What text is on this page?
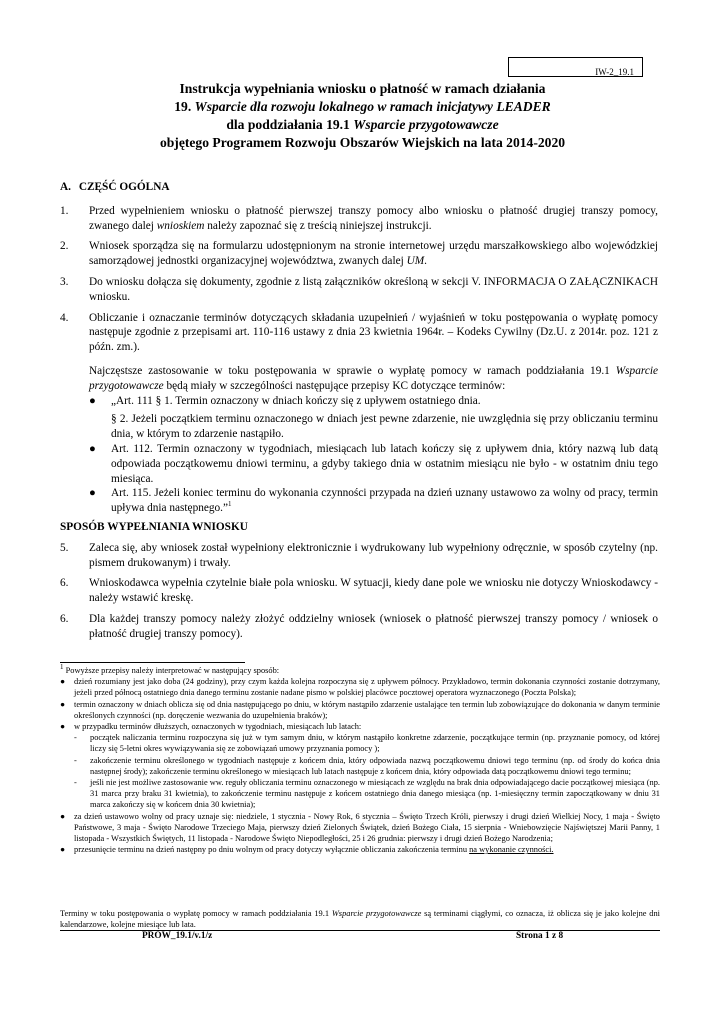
IW-2_19.1
Instrukcja wypełniania wniosku o płatność w ramach działania
19. Wsparcie dla rozwoju lokalnego w ramach inicjatywy LEADER
dla poddziałania 19.1 Wsparcie przygotowawcze
objętego Programem Rozwoju Obszarów Wiejskich na lata 2014-2020
A. CZĘŚĆ OGÓLNA
1.	Przed wypełnieniem wniosku o płatność pierwszej transzy pomocy albo wniosku o płatność drugiej transzy pomocy, zwanego dalej wnioskiem należy zapoznać się z treścią niniejszej instrukcji.
2.	Wniosek sporządza się na formularzu udostępnionym na stronie internetowej urzędu marszałkowskiego albo wojewódzkiej samorządowej jednostki organizacyjnej województwa, zwanych dalej UM.
3.	Do wniosku dołącza się dokumenty, zgodnie z listą załączników określoną w sekcji V. INFORMACJA O ZAŁĄCZNIKACH wniosku.
4.	Obliczanie i oznaczanie terminów dotyczących składania uzupełnień / wyjaśnień w toku postępowania o wypłatę pomocy następuje zgodnie z przepisami art. 110-116 ustawy z dnia 23 kwietnia 1964r. – Kodeks Cywilny (Dz.U. z 2014r. poz. 121 z późn. zm.).
Najczęstsze zastosowanie w toku postępowania w sprawie o wypłatę pomocy w ramach poddziałania 19.1 Wsparcie przygotowawcze będą miały w szczególności następujące przepisy KC dotyczące terminów:
●	„Art. 111 § 1. Termin oznaczony w dniach kończy się z upływem ostatniego dnia.
§ 2. Jeżeli początkiem terminu oznaczonego w dniach jest pewne zdarzenie, nie uwzględnia się przy obliczaniu terminu dnia, w którym to zdarzenie nastąpiło.
●	Art. 112. Termin oznaczony w tygodniach, miesiącach lub latach kończy się z upływem dnia, który nazwą lub datą odpowiada początkowemu dniowi terminu, a gdyby takiego dnia w ostatnim miesiącu nie było - w ostatnim dniu tego miesiąca.
●	Art. 115. Jeżeli koniec terminu do wykonania czynności przypada na dzień uznany ustawowo za wolny od pracy, termin upływa dnia następnego.”$^1$
SPOSÓB WYPEŁNIANIA WNIOSKU
5.	Zaleca się, aby wniosek został wypełniony elektronicznie i wydrukowany lub wypełniony odręcznie, w sposób czytelny (np. pismem drukowanym) i trwały.
6.	Wnioskodawca wypełnia czytelnie białe pola wniosku. W sytuacji, kiedy dane pole we wniosku nie dotyczy Wnioskodawcy - należy wstawić kreskę.
6.	Dla każdej transzy pomocy należy złożyć oddzielny wniosek (wniosek o płatność pierwszej transzy pomocy / wniosek o płatność drugiej transzy pomocy).
$^1$ Powyższe przepisy należy interpretować w następujący sposób:
●	dzień rozumiany jest jako doba (24 godziny), przy czym każda kolejna rozpoczyna się z upływem północy. Przykładowo, termin dokonania czynności zostanie dotrzymany, jeżeli przed północą ostatniego dnia danego terminu zostanie nadane pismo w polskiej placówce pocztowej operatora wyznaczonego (Poczta Polska);
●	termin oznaczony w dniach oblicza się od dnia następującego po dniu, w którym nastąpiło zdarzenie ustalające ten termin lub zobowiązujące do dokonania w danym terminie określonych czynności (np. doręczenie wezwania do uzupełnienia braków);
●	w przypadku terminów dłuższych, oznaczonych w tygodniach, miesiącach lub latach:
-	początek naliczania terminu rozpoczyna się już w tym samym dniu, w którym nastąpiło konkretne zdarzenie, początkujące termin (np. przyznanie pomocy, od której liczy się 5-letni okres wywiązywania się ze zobowiązań umowy przyznania pomocy );
-	zakończenie terminu określonego w tygodniach następuje z końcem dnia, który odpowiada nazwą początkowemu dniowi tego terminu (np. od środy do końca dnia następnej środy); zakończenie terminu określonego w miesiącach lub latach następuje z końcem dnia, który odpowiada datą początkowemu dniowi tego terminu;
-	jeśli nie jest możliwe zastosowanie ww. reguły obliczania terminu oznaczonego w miesiącach ze względu na brak dnia odpowiadającego dacie początkowej miesiąca (np. 31 marca przy braku 31 kwietnia), to zakończenie terminu następuje z końcem ostatniego dnia danego miesiąca (np. 1-miesięczny termin zapoczątkowany w dniu 31 marca zakończy się w końcem dnia 30 kwietnia);
●	za dzień ustawowo wolny od pracy uznaje się: niedziele, 1 stycznia - Nowy Rok, 6 stycznia – Święto Trzech Króli, pierwszy i drugi dzień Wielkiej Nocy, 1 maja - Święto Państwowe, 3 maja - Święto Narodowe Trzeciego Maja, pierwszy dzień Zielonych Świątek, dzień Bożego Ciała, 15 sierpnia - Wniebowzięcie Najświętszej Marii Panny, 1 listopada - Wszystkich Świętych, 11 listopada - Narodowe Święto Niepodległości, 25 i 26 grudnia: pierwszy i drugi dzień Bożego Narodzenia;
●	przesunięcie terminu na dzień następny po dniu wolnym od pracy dotyczy wyłącznie obliczania zakończenia terminu na wykonanie czynności.
Terminy w toku postępowania o wypłatę pomocy w ramach poddziałania 19.1 Wsparcie przygotowawcze są terminami ciągłymi, co oznacza, iż oblicza się je jako kolejne dni kalendarzowe, kolejne miesiące lub lata.
PROW_19.1/v.1/z	Strona 1 z 8
